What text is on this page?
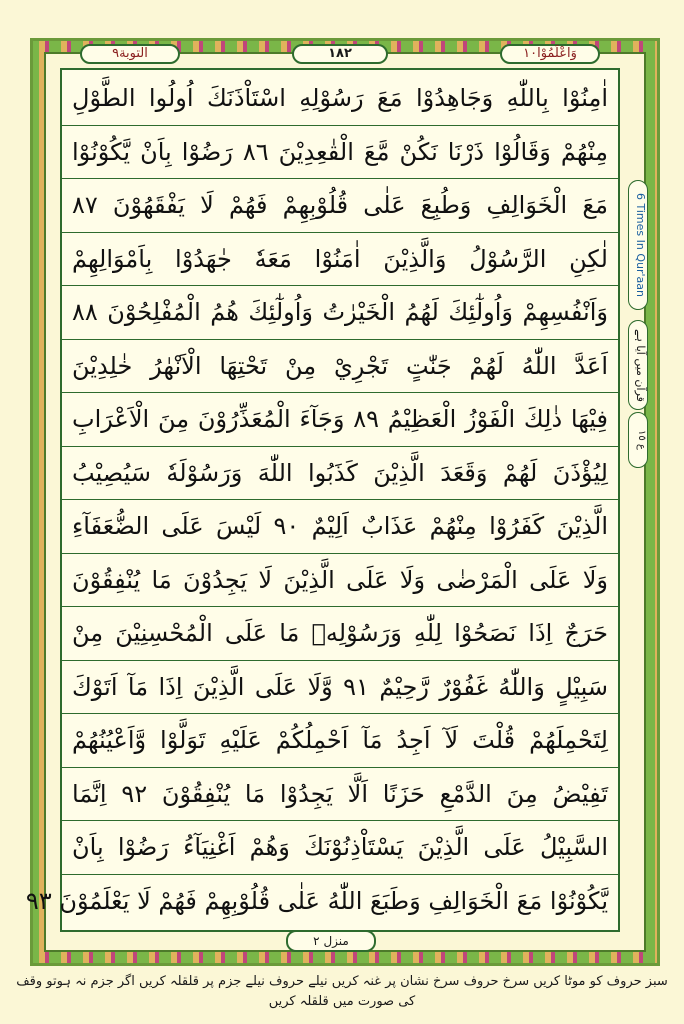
وَاعْلَمُوْا١٠
١٨٢
التوبة٩
اٰمِنُوْا بِاللّٰهِ وَجَاهِدُوْا مَعَ رَسُوْلِهِ اسْتَاْذَنَكَ اُولُوا الطَّوْلِ
مِنْهُمْ وَقَالُوْا ذَرْنَا نَكُنْ مَّعَ الْقٰعِدِيْنَ ٨٦ رَضُوْا بِاَنْ يَّكُوْنُوْا
مَعَ الْخَوَالِفِ وَطُبِعَ عَلٰى قُلُوْبِهِمْ فَهُمْ لَا يَفْقَهُوْنَ ٨٧
لٰكِنِ الرَّسُوْلُ وَالَّذِيْنَ اٰمَنُوْا مَعَهٗ جٰهَدُوْا بِاَمْوَالِهِمْ
وَاَنْفُسِهِمْ وَاُولٰٓئِكَ لَهُمُ الْخَيْرٰتُ وَاُولٰٓئِكَ هُمُ الْمُفْلِحُوْنَ ٨٨
اَعَدَّ اللّٰهُ لَهُمْ جَنّٰتٍ تَجْرِيْ مِنْ تَحْتِهَا الْاَنْهٰرُ خٰلِدِيْنَ
فِيْهَا ذٰلِكَ الْفَوْزُ الْعَظِيْمُ ٨٩ وَجَآءَ الْمُعَذِّرُوْنَ مِنَ الْاَعْرَابِ
لِيُؤْذَنَ لَهُمْ وَقَعَدَ الَّذِيْنَ كَذَبُوا اللّٰهَ وَرَسُوْلَهٗ سَيُصِيْبُ
الَّذِيْنَ كَفَرُوْا مِنْهُمْ عَذَابٌ اَلِيْمٌ ٩٠ لَيْسَ عَلَى الضُّعَفَآءِ
وَلَا عَلَى الْمَرْضٰى وَلَا عَلَى الَّذِيْنَ لَا يَجِدُوْنَ مَا يُنْفِقُوْنَ
حَرَجٌ اِذَا نَصَحُوْا لِلّٰهِ وَرَسُوْلِهٖ مَا عَلَى الْمُحْسِنِيْنَ مِنْ
سَبِيْلٍ وَاللّٰهُ غَفُوْرٌ رَّحِيْمٌ ٩١ وَّلَا عَلَى الَّذِيْنَ اِذَا مَآ اَتَوْكَ
لِتَحْمِلَهُمْ قُلْتَ لَآ اَجِدُ مَآ اَحْمِلُكُمْ عَلَيْهِ تَوَلَّوْا وَّاَعْيُنُهُمْ
تَفِيْضُ مِنَ الدَّمْعِ حَزَنًا اَلَّا يَجِدُوْا مَا يُنْفِقُوْنَ ٩٢ اِنَّمَا
السَّبِيْلُ عَلَى الَّذِيْنَ يَسْتَاْذِنُوْنَكَ وَهُمْ اَغْنِيَآءُ رَضُوْا بِاَنْ
يَّكُوْنُوْا مَعَ الْخَوَالِفِ وَطَبَعَ اللّٰهُ عَلٰى قُلُوْبِهِمْ فَهُمْ لَا يَعْلَمُوْنَ ٩٣
6 Times In Qur'aan
قرآن میں آیا ہے
ع ١٥
منزل ٢
سبز حروف کو موٹا کریں سرخ حروف سرخ نشان پر غنہ کریں نیلے حروف نیلے جزم پر قلقلہ کریں اگر جزم نہ ہوتو وقف کی صورت میں قلقلہ کریں
